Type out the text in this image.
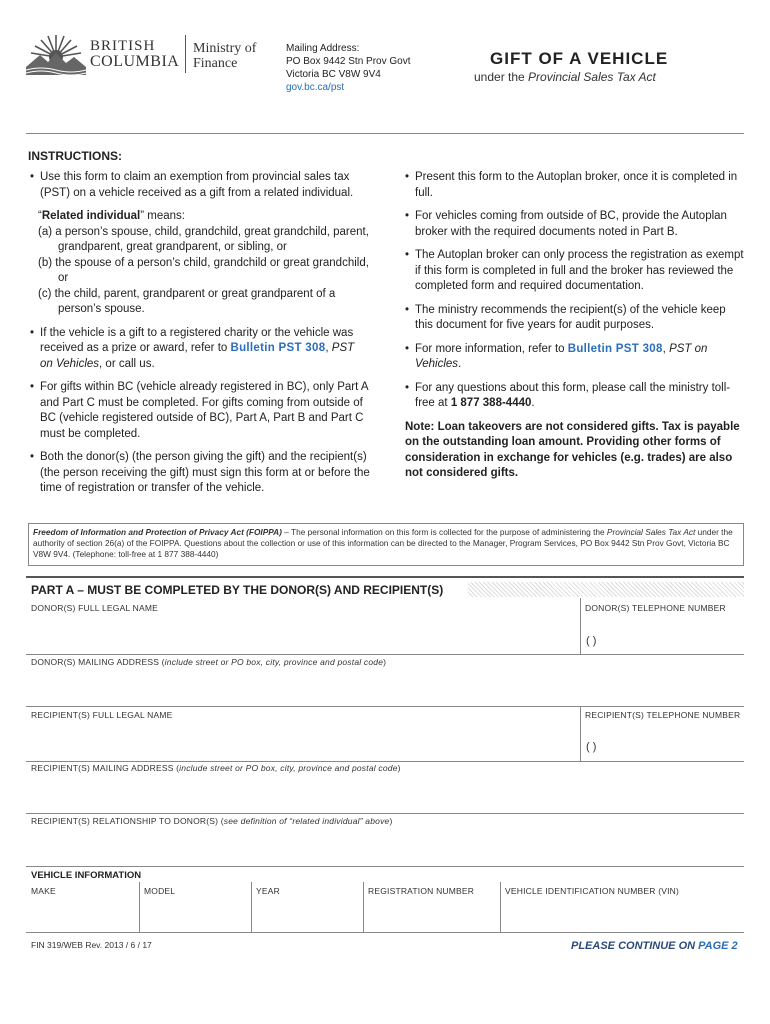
BRITISH
COLUMBIA
Ministry of
Finance
Mailing Address:
PO Box 9442 Stn Prov Govt
Victoria BC V8W 9V4
gov.bc.ca/pst
GIFT OF A VEHICLE
under the Provincial Sales Tax Act
INSTRUCTIONS:
• Use this form to claim an exemption from provincial sales tax (PST) on a vehicle received as a gift from a related individual.
“Related individual” means:
(a) a person’s spouse, child, grandchild, great grandchild, parent, grandparent, great grandparent, or sibling, or
(b) the spouse of a person’s child, grandchild or great grandchild, or
(c) the child, parent, grandparent or great grandparent of a person’s spouse.
• If the vehicle is a gift to a registered charity or the vehicle was received as a prize or award, refer to Bulletin PST 308, PST on Vehicles, or call us.
• For gifts within BC (vehicle already registered in BC), only Part A and Part C must be completed. For gifts coming from outside of BC (vehicle registered outside of BC), Part A, Part B and Part C must be completed.
• Both the donor(s) (the person giving the gift) and the recipient(s) (the person receiving the gift) must sign this form at or before the time of registration or transfer of the vehicle.
• Present this form to the Autoplan broker, once it is completed in full.
• For vehicles coming from outside of BC, provide the Autoplan broker with the required documents noted in Part B.
• The Autoplan broker can only process the registration as exempt if this form is completed in full and the broker has reviewed the completed form and required documentation.
• The ministry recommends the recipient(s) of the vehicle keep this document for five years for audit purposes.
• For more information, refer to Bulletin PST 308, PST on Vehicles.
• For any questions about this form, please call the ministry toll-free at 1 877 388-4440.
Note: Loan takeovers are not considered gifts. Tax is payable on the outstanding loan amount. Providing other forms of consideration in exchange for vehicles (e.g. trades) are also not considered gifts.
Freedom of Information and Protection of Privacy Act (FOIPPA) – The personal information on this form is collected for the purpose of administering the Provincial Sales Tax Act under the authority of section 26(a) of the FOIPPA. Questions about the collection or use of this information can be directed to the Manager, Program Services, PO Box 9442 Stn Prov Govt, Victoria BC V8W 9V4. (Telephone: toll-free at 1 877 388-4440)
PART A – MUST BE COMPLETED BY THE DONOR(S) AND RECIPIENT(S)
DONOR(S) FULL LEGAL NAME	DONOR(S) TELEPHONE NUMBER
( )
DONOR(S) MAILING ADDRESS (include street or PO box, city, province and postal code)
RECIPIENT(S) FULL LEGAL NAME	RECIPIENT(S) TELEPHONE NUMBER
( )
RECIPIENT(S) MAILING ADDRESS (include street or PO box, city, province and postal code)
RECIPIENT(S) RELATIONSHIP TO DONOR(S) (see definition of “related individual” above)
VEHICLE INFORMATION
MAKE	MODEL	YEAR	REGISTRATION NUMBER	VEHICLE IDENTIFICATION NUMBER (VIN)
FIN 319/WEB Rev. 2013 / 6 / 17	PLEASE CONTINUE ON PAGE 2
